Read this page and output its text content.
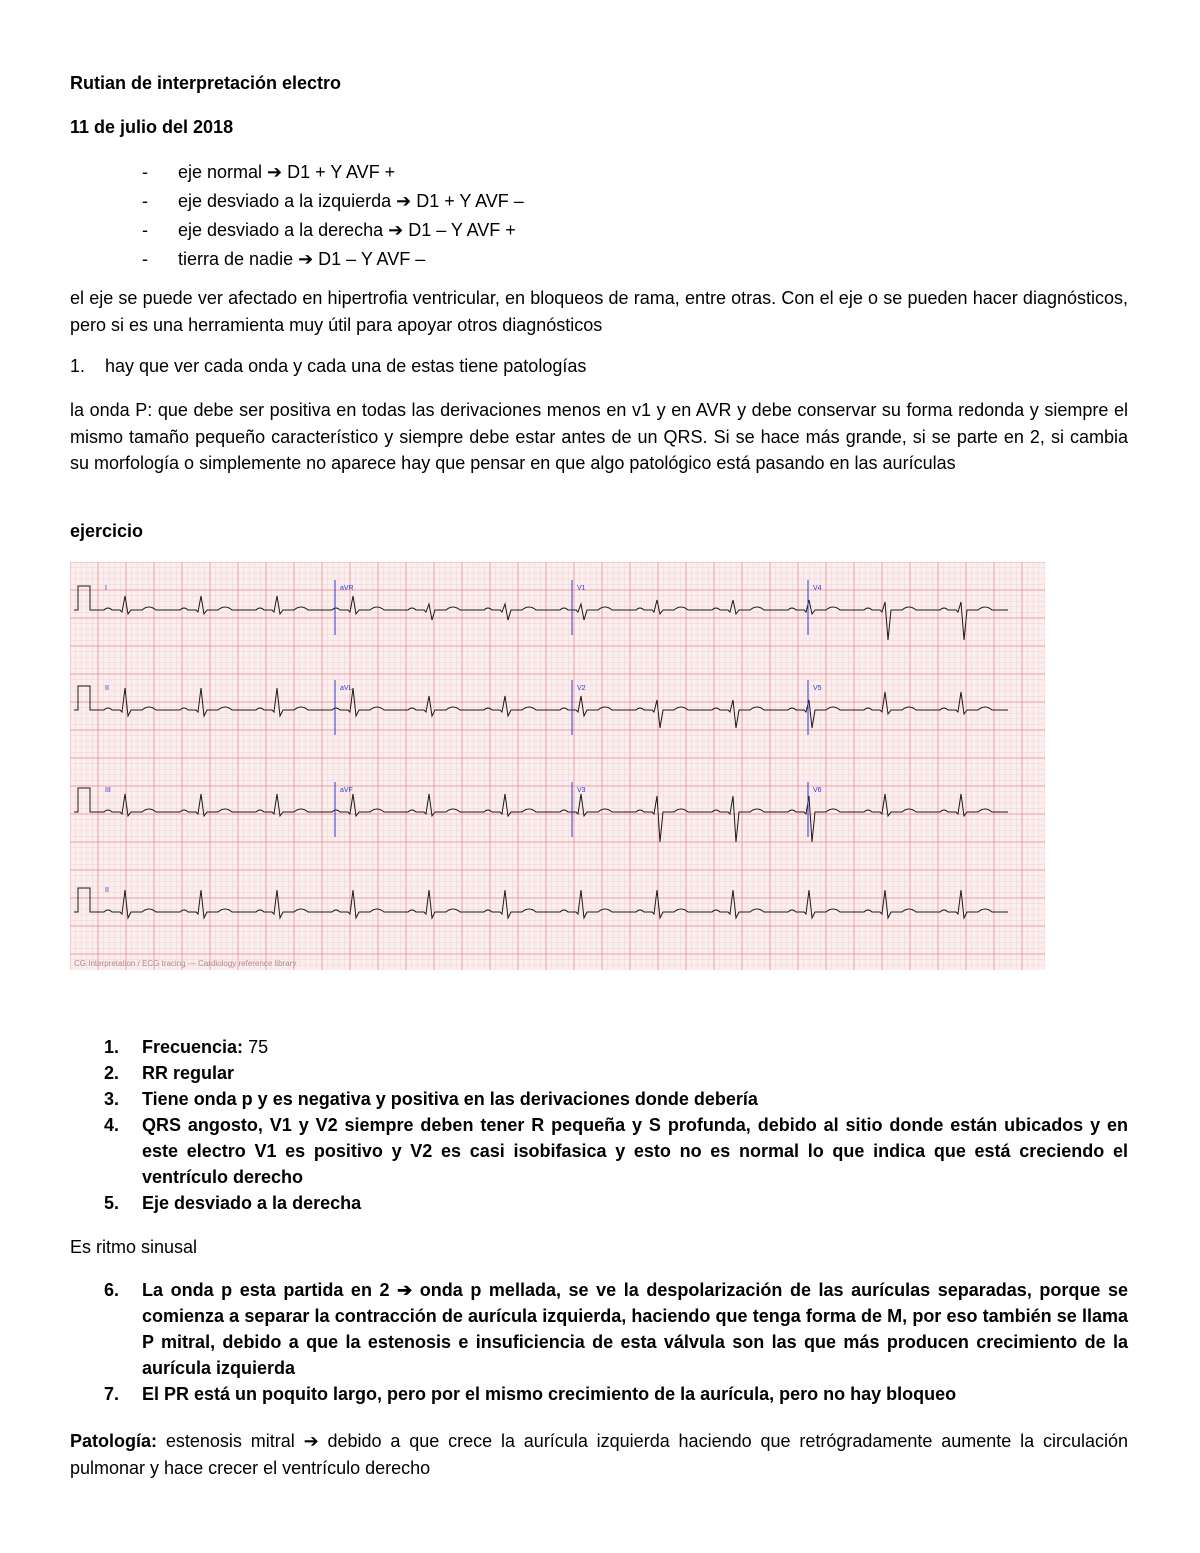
Rutian de interpretación electro
11 de julio del 2018
- eje normal ➔ D1 + Y AVF +
- eje desviado a la izquierda ➔ D1 + Y AVF –
- eje desviado a la derecha ➔ D1 – Y AVF +
- tierra de nadie ➔ D1 – Y AVF –

el eje se puede ver afectado en hipertrofia ventricular, en bloqueos de rama, entre otras. Con el eje o se pueden hacer diagnósticos, pero si es una herramienta muy útil para apoyar otros diagnósticos

1. hay que ver cada onda y cada una de estas tiene patologías

la onda P: que debe ser positiva en todas las derivaciones menos en v1 y en AVR y debe conservar su forma redonda y siempre el mismo tamaño pequeño característico y siempre debe estar antes de un QRS. Si se hace más grande, si se parte en 2, si cambia su morfología o simplemente no aparece hay que pensar en que algo patológico está pasando en las aurículas

ejercicio
I	aVR	V1	V4
II	aVL	V2	V5
III	aVF	V3	V6
II
CG Interpretation / ECG tracing — Cardiology reference library
1. Frecuencia: 75
2. RR regular
3. Tiene onda p y es negativa y positiva en las derivaciones donde debería
4. QRS angosto, V1 y V2 siempre deben tener R pequeña y S profunda, debido al sitio donde están ubicados y en este electro V1 es positivo y V2 es casi isobifasica y esto no es normal lo que indica que está creciendo el ventrículo derecho
5. Eje desviado a la derecha
Es ritmo sinusal
6. La onda p esta partida en 2 ➔ onda p mellada, se ve la despolarización de las aurículas separadas, porque se comienza a separar la contracción de aurícula izquierda, haciendo que tenga forma de M, por eso también se llama P mitral, debido a que la estenosis e insuficiencia de esta válvula son las que más producen crecimiento de la aurícula izquierda
7. El PR está un poquito largo, pero por el mismo crecimiento de la aurícula, pero no hay bloqueo

Patología: estenosis mitral ➔ debido a que crece la aurícula izquierda haciendo que retrógradamente aumente la circulación pulmonar y hace crecer el ventrículo derecho
